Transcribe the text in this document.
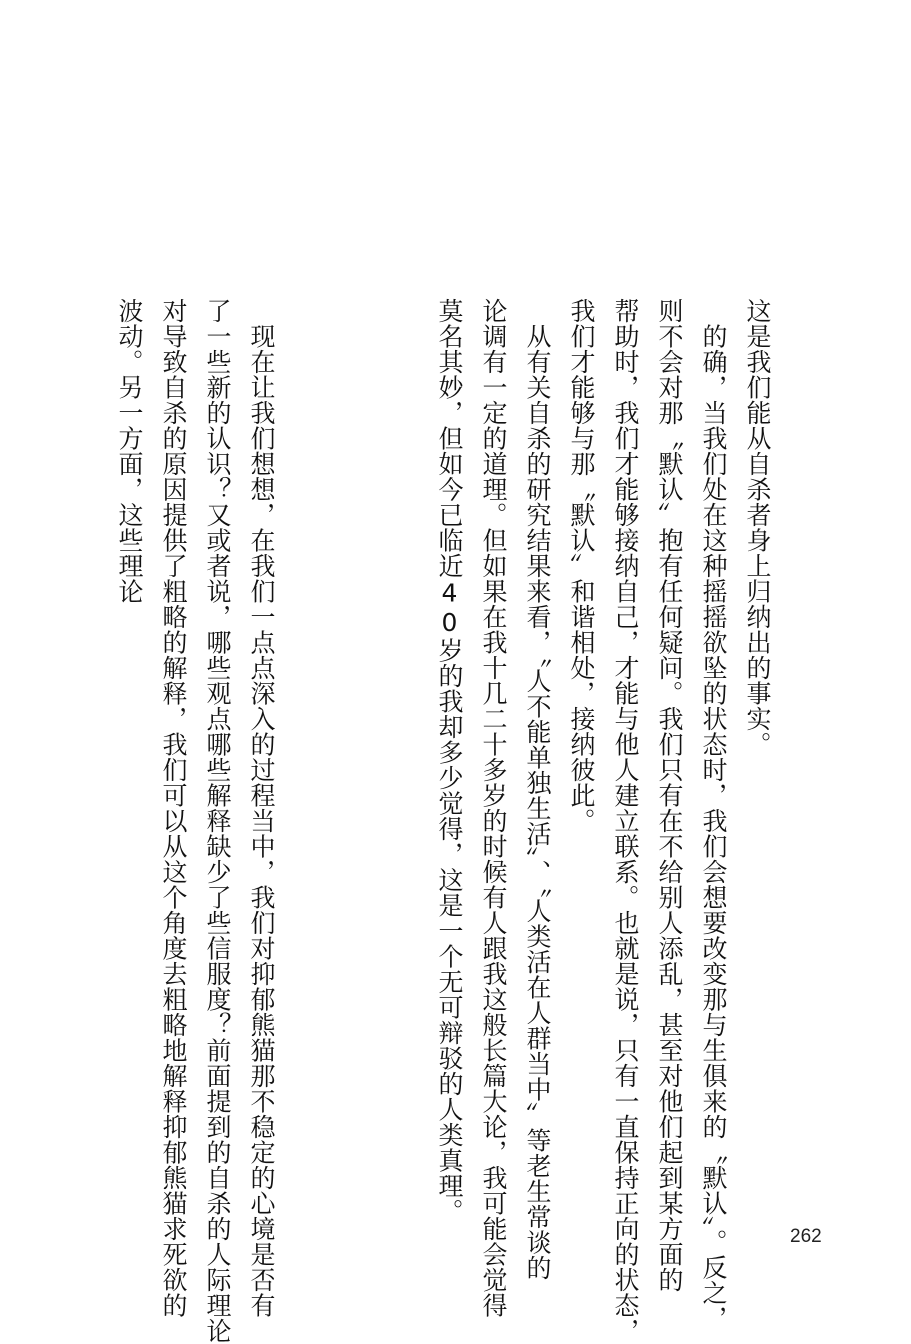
这是我们能从自杀者身上归纳出的事实。
　的确，当我们处在这种摇摇欲坠的状态时，我们会想要改变那与生俱来的〝默认〞。反之，
则不会对那〝默认〞抱有任何疑问。我们只有在不给别人添乱，甚至对他们起到某方面的
帮助时，我们才能够接纳自己，才能与他人建立联系。也就是说，只有一直保持正向的状态，
我们才能够与那〝默认〞和谐相处，接纳彼此。
　从有关自杀的研究结果来看，〝人不能单独生活〞、〝人类活在人群当中〞等老生常谈的
论调有一定的道理。但如果在我十几二十多岁的时候有人跟我这般长篇大论，我可能会觉得
莫名其妙，但如今已临近40岁的我却多少觉得，这是一个无可辩驳的人类真理。
　现在让我们想想，在我们一点点深入的过程当中，我们对抑郁熊猫那不稳定的心境是否有
了一些新的认识？又或者说，哪些观点哪些解释缺少了些信服度？前面提到的自杀的人际理论
对导致自杀的原因提供了粗略的解释，我们可以从这个角度去粗略地解释抑郁熊猫求死欲的
波动。另一方面，这些理论
262
